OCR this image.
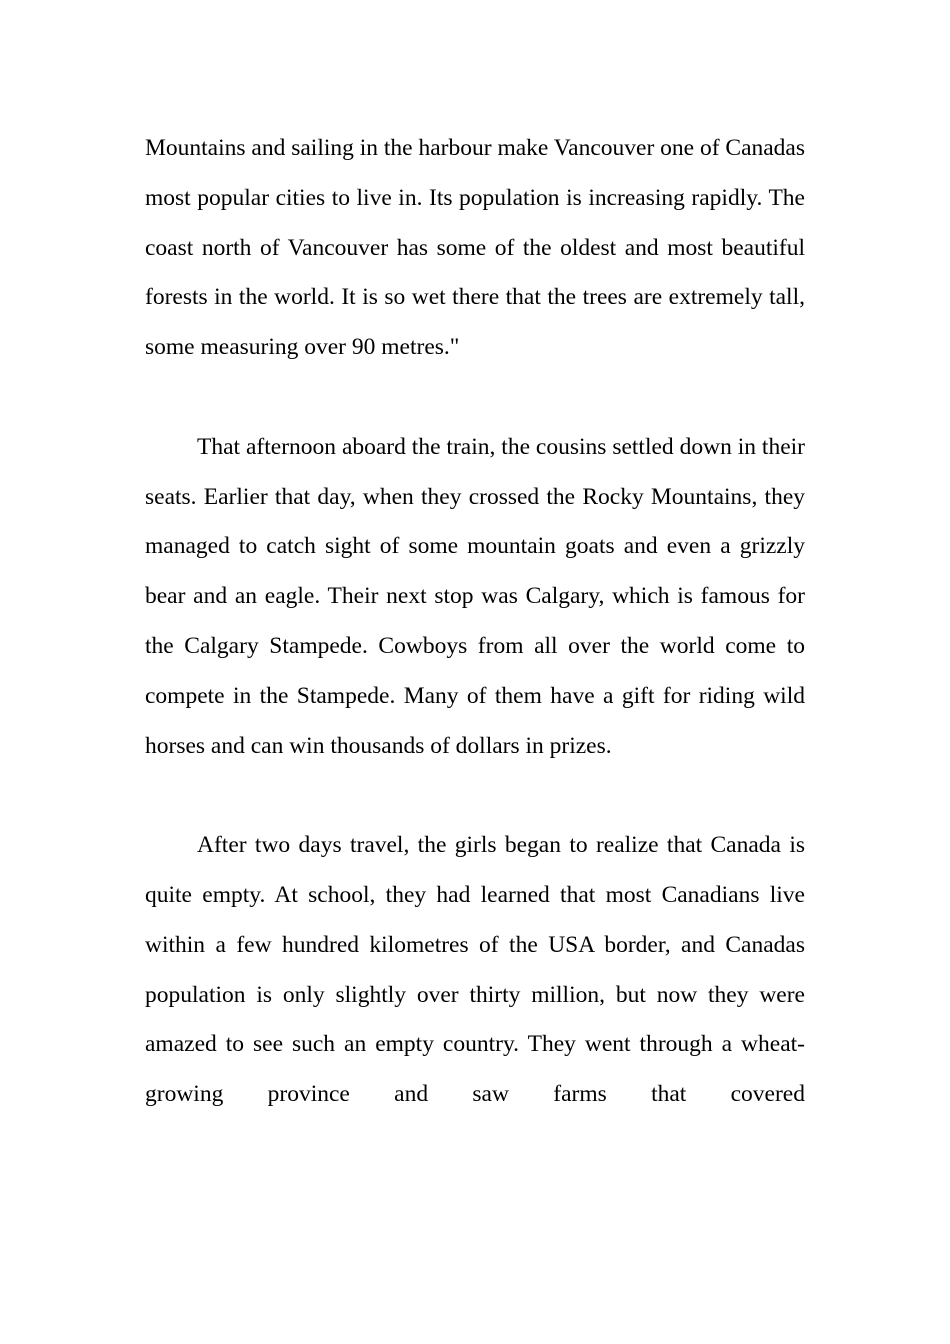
Mountains and sailing in the harbour make Vancouver one of Canadas most popular cities to live in. Its population is increasing rapidly. The coast north of Vancouver has some of the oldest and most beautiful forests in the world. It is so wet there that the trees are extremely tall, some measuring over 90 metres."

That afternoon aboard the train, the cousins settled down in their seats. Earlier that day, when they crossed the Rocky Mountains, they managed to catch sight of some mountain goats and even a grizzly bear and an eagle. Their next stop was Calgary, which is famous for the Calgary Stampede. Cowboys from all over the world come to compete in the Stampede. Many of them have a gift for riding wild horses and can win thousands of dollars in prizes.

After two days travel, the girls began to realize that Canada is quite empty. At school, they had learned that most Canadians live within a few hundred kilometres of the USA border, and Canadas population is only slightly over thirty million, but now they were amazed to see such an empty country. They went through a wheat-growing province and saw farms that covered
